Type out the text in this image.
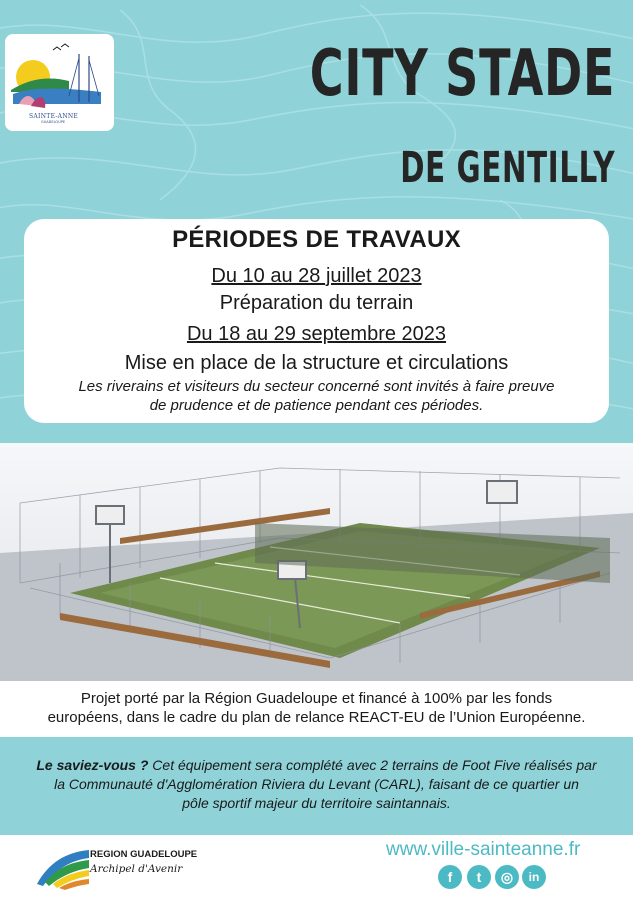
SAINTE-ANNE
GUADELOUPE
CITY STADE
DE GENTILLY
PÉRIODES DE TRAVAUX
Du 10 au 28 juillet 2023
Préparation du terrain
Du 18 au 29 septembre 2023
Mise en place de la structure et circulations
Les riverains et visiteurs du secteur concerné sont invités à faire preuve
de prudence et de patience pendant ces périodes.
Projet porté par la Région Guadeloupe et financé à 100% par les fonds
européens, dans le cadre du plan de relance REACT-EU de l’Union Européenne.
Le saviez-vous ? Cet équipement sera complété avec 2 terrains de Foot Five réalisés par
la Communauté d'Agglomération Riviera du Levant (CARL), faisant de ce quartier un
pôle sportif majeur du territoire saintannais.
REGION GUADELOUPE
Archipel d'Avenir
www.ville-sainteanne.fr
f	t	◎	in
